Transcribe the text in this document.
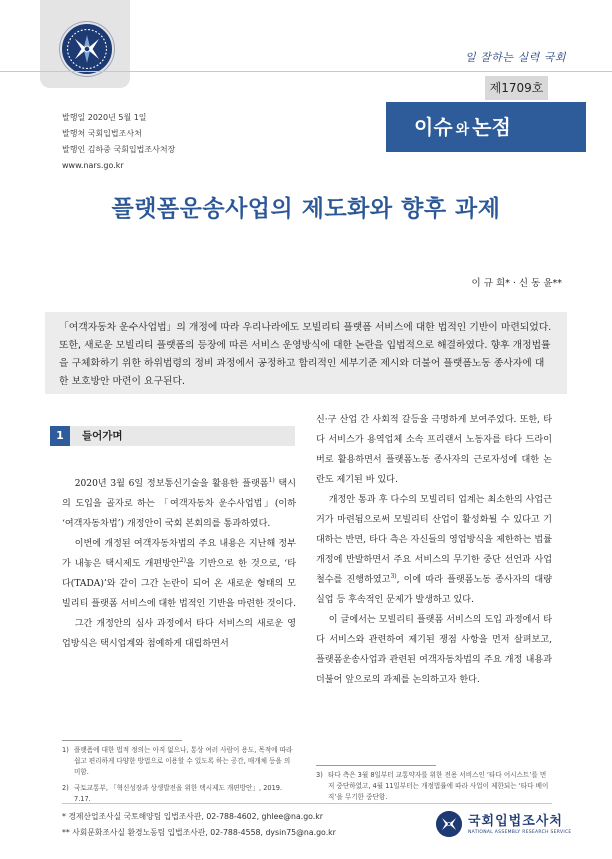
일 잘하는 실력 국회
제1709호
이슈 와 논점
발행일 2020년 5월 1일
발행처 국회입법조사처
발행인 김하중 국회입법조사처장
www.nars.go.kr
플랫폼운송사업의 제도화와 향후 과제
이 규 희* · 신 동 윤**
「여객자동차 운수사업법」의 개정에 따라 우리나라에도 모빌리티 플랫폼 서비스에 대한 법적인 기반이 마련되었다. 또한, 새로운 모빌리티 플랫폼의 등장에 따른 서비스 운영방식에 대한 논란을 입법적으로 해결하였다. 향후 개정법률을 구체화하기 위한 하위법령의 정비 과정에서 공정하고 합리적인 세부기준 제시와 더불어 플랫폼노동 종사자에 대한 보호방안 마련이 요구된다.
1	들어가며

2020년 3월 6일 정보통신기술을 활용한 플랫폼$^{1)}$ 택시의 도입을 골자로 하는 「여객자동차 운수사업법」(이하 ‘여객자동차법’) 개정안이 국회 본회의를 통과하였다.

이번에 개정된 여객자동차법의 주요 내용은 지난해 정부가 내놓은 택시제도 개편방안$^{2)}$을 기반으로 한 것으로, ‘타다(TADA)’와 같이 그간 논란이 되어 온 새로운 형태의 모빌리티 플랫폼 서비스에 대한 법적인 기반을 마련한 것이다.

그간 개정안의 심사 과정에서 타다 서비스의 새로운 영업방식은 택시업계와 첨예하게 대립하면서

신·구 산업 간 사회적 갈등을 극명하게 보여주었다. 또한, 타다 서비스가 용역업체 소속 프리랜서 노동자를 타다 드라이버로 활용하면서 플랫폼노동 종사자의 근로자성에 대한 논란도 제기된 바 있다.

개정안 통과 후 다수의 모빌리티 업계는 최소한의 사업근거가 마련됨으로써 모빌리티 산업이 활성화될 수 있다고 기대하는 반면, 타다 측은 자신들의 영업방식을 제한하는 법률 개정에 반발하면서 주요 서비스의 무기한 중단 선언과 사업철수를 진행하였고$^{3)}$, 이에 따라 플랫폼노동 종사자의 대량 실업 등 후속적인 문제가 발생하고 있다.

이 글에서는 모빌리티 플랫폼 서비스의 도입 과정에서 타다 서비스와 관련하여 제기된 쟁점 사항을 먼저 살펴보고, 플랫폼운송사업과 관련된 여객자동차법의 주요 개정 내용과 더불어 앞으로의 과제를 논의하고자 한다.

1) 플랫폼에 대한 법적 정의는 아직 없으나, 통상 여러 사람이 용도, 목적에 따라 쉽고 편리하게 다양한 방법으로 이용할 수 있도록 하는 공간, 매개체 등을 의미함.
2) 국토교통부, 「혁신성장과 상생발전을 위한 택시제도 개편방안」, 2019. 7.17.
3) 타다 측은 3월 8일부터 교통약자를 위한 전용 서비스인 ‘타다 어시스트’를 먼저 중단하였고, 4월 11일부터는 개정법률에 따라 사업이 제한되는 ‘타다 베이직’을 무기한 중단함.
* 경제산업조사실 국토해양팀 입법조사관, 02-788-4602, ghlee@na.go.kr
** 사회문화조사실 환경노동팀 입법조사관, 02-788-4558, dysin75@na.go.kr
국회입법조사처
NATIONAL ASSEMBLY RESEARCH SERVICE
